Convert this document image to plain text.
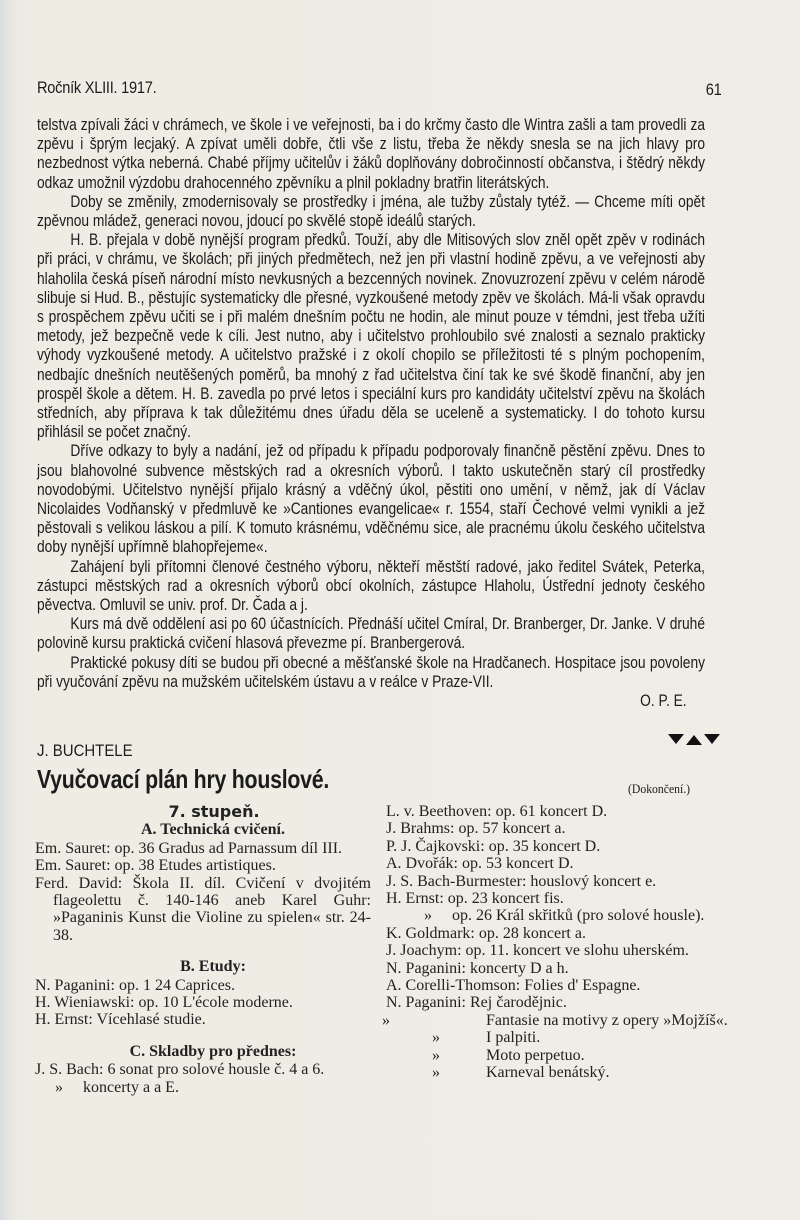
Ročník XLIII. 1917.	61

telstva zpívali žáci v chrámech, ve škole i ve veřejnosti, ba i do krčmy často dle Wintra zašli a tam provedli za zpěvu i šprým lecjaký. A zpívat uměli dobře, čtli vše z listu, třeba že někdy snesla se na jich hlavy pro nezbednost výtka neberná. Chabé příjmy učitelův i žáků doplňovány dobročinností občanstva, i štědrý někdy odkaz umožnil výzdobu drahocenného zpěvníku a plnil pokladny bratřin literátských.

Doby se změnily, zmodernisovaly se prostředky i jména, ale tužby zůstaly tytéž. — Chceme míti opět zpěvnou mládež, generaci novou, jdoucí po skvělé stopě ideálů starých.

H. B. přejala v době nynější program předků. Touží, aby dle Mitisových slov zněl opět zpěv v rodinách při práci, v chrámu, ve školách; při jiných předmětech, než jen při vlastní hodině zpěvu, a ve veřejnosti aby hlaholila česká píseň národní místo nevkusných a bezcenných novinek. Znovuzrození zpěvu v celém národě slibuje si Hud. B., pěstujíc systematicky dle přesné, vyzkoušené metody zpěv ve školách. Má-li však opravdu s prospěchem zpěvu učiti se i při malém dnešním počtu ne hodin, ale minut pouze v témdni, jest třeba užíti metody, jež bezpečně vede k cíli. Jest nutno, aby i učitelstvo prohloubilo své znalosti a seznalo prakticky výhody vyzkoušené metody. A učitelstvo pražské i z okolí chopilo se příležitosti té s plným pochopením, nedbajíc dnešních neutěšených poměrů, ba mnohý z řad učitelstva činí tak ke své škodě finanční, aby jen prospěl škole a dětem. H. B. zavedla po prvé letos i speciální kurs pro kandidáty učitelství zpěvu na školách středních, aby příprava k tak důležitému dnes úřadu děla se uceleně a systematicky. I do tohoto kursu přihlásil se počet značný.

Dříve odkazy to byly a nadání, jež od případu k případu podporovaly finančně pěstění zpěvu. Dnes to jsou blahovolné subvence městských rad a okresních výborů. I takto uskutečněn starý cíl prostředky novodobými. Učitelstvo nynější přijalo krásný a vděčný úkol, pěstiti ono umění, v němž, jak dí Václav Nicolaides Vodňanský v předmluvě ke »Cantiones evangelicae« r. 1554, staří Čechové velmi vynikli a jež pěstovali s velikou láskou a pilí. K tomuto krásnému, vděčnému sice, ale pracnému úkolu českého učitelstva doby nynější upřímně blahopřejeme«.

Zahájení byli přítomni členové čestného výboru, někteří městští radové, jako ředitel Svátek, Peterka, zástupci městských rad a okresních výborů obcí okolních, zástupce Hlaholu, Ústřední jednoty českého pěvectva. Omluvil se univ. prof. Dr. Čada a j.

Kurs má dvě oddělení asi po 60 účastnících. Přednáší učitel Cmíral, Dr. Branberger, Dr. Janke. V druhé polovině kursu praktická cvičení hlasová převezme pí. Branbergerová.

Praktické pokusy díti se budou při obecné a měšťanské škole na Hradčanech. Hospitace jsou povoleny při vyučování zpěvu na mužském učitelském ústavu a v reálce v Praze-VII.

O. P. E.

J. BUCHTELE
Vyučovací plán hry houslové.	(Dokončení.)
7. stupeň.
A. Technická cvičení.
Em. Sauret: op. 36 Gradus ad Parnassum díl III.
Em. Sauret: op. 38 Etudes artistiques.
Ferd. David: Škola II. díl. Cvičení v dvojitém flageolettu č. 140-146 aneb Karel Guhr: »Paganinis Kunst die Violine zu spielen« str. 24-38.
B. Etudy:
N. Paganini: op. 1 24 Caprices.
H. Wieniawski: op. 10 L'école moderne.
H. Ernst: Vícehlasé studie.
C. Skladby pro přednes:
J. S. Bach: 6 sonat pro solové housle č. 4 a 6.
» koncerty a a E.
L. v. Beethoven: op. 61 koncert D.
J. Brahms: op. 57 koncert a.
P. J. Čajkovski: op. 35 koncert D.
A. Dvořák: op. 53 koncert D.
J. S. Bach-Burmester: houslový koncert e.
H. Ernst: op. 23 koncert fis.
» op. 26 Král skřitků (pro solové housle).
K. Goldmark: op. 28 koncert a.
J. Joachym: op. 11. koncert ve slohu uherském.
N. Paganini: koncerty D a h.
A. Corelli-Thomson: Folies d' Espagne.
N. Paganini: Rej čarodějnic.
»	Fantasie na motivy z opery »Mojžíš«.
»	I palpiti.
»	Moto perpetuo.
»	Karneval benátský.
